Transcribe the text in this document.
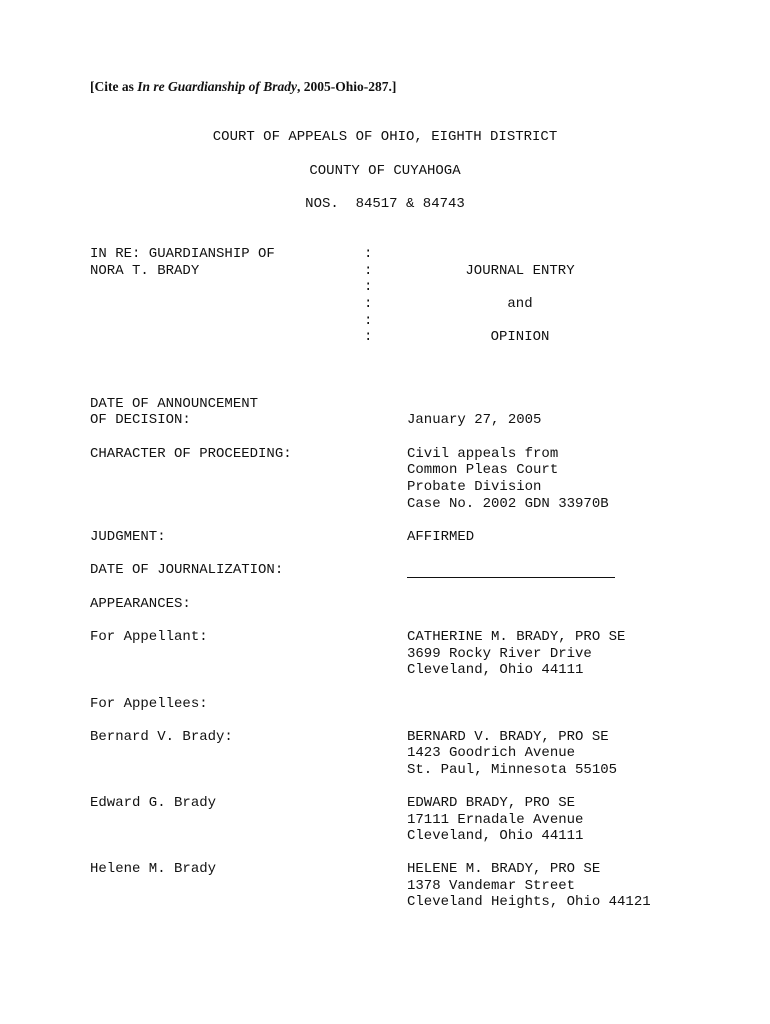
[Cite as In re Guardianship of Brady, 2005-Ohio-287.]
COURT OF APPEALS OF OHIO, EIGHTH DISTRICT
COUNTY OF CUYAHOGA
NOS.  84517 & 84743
IN RE: GUARDIANSHIP OF
NORA T. BRADY
:
:
:
:
:
:
JOURNAL ENTRY
and
OPINION
DATE OF ANNOUNCEMENT
OF DECISION:	January 27, 2005
CHARACTER OF PROCEEDING:	Civil appeals from
Common Pleas Court
Probate Division
Case No. 2002 GDN 33970B
JUDGMENT:	AFFIRMED
DATE OF JOURNALIZATION:
APPEARANCES:
For Appellant:	CATHERINE M. BRADY, PRO SE
3699 Rocky River Drive
Cleveland, Ohio 44111
For Appellees:
Bernard V. Brady:	BERNARD V. BRADY, PRO SE
1423 Goodrich Avenue
St. Paul, Minnesota 55105
Edward G. Brady	EDWARD BRADY, PRO SE
17111 Ernadale Avenue
Cleveland, Ohio 44111
Helene M. Brady	HELENE M. BRADY, PRO SE
1378 Vandemar Street
Cleveland Heights, Ohio 44121
